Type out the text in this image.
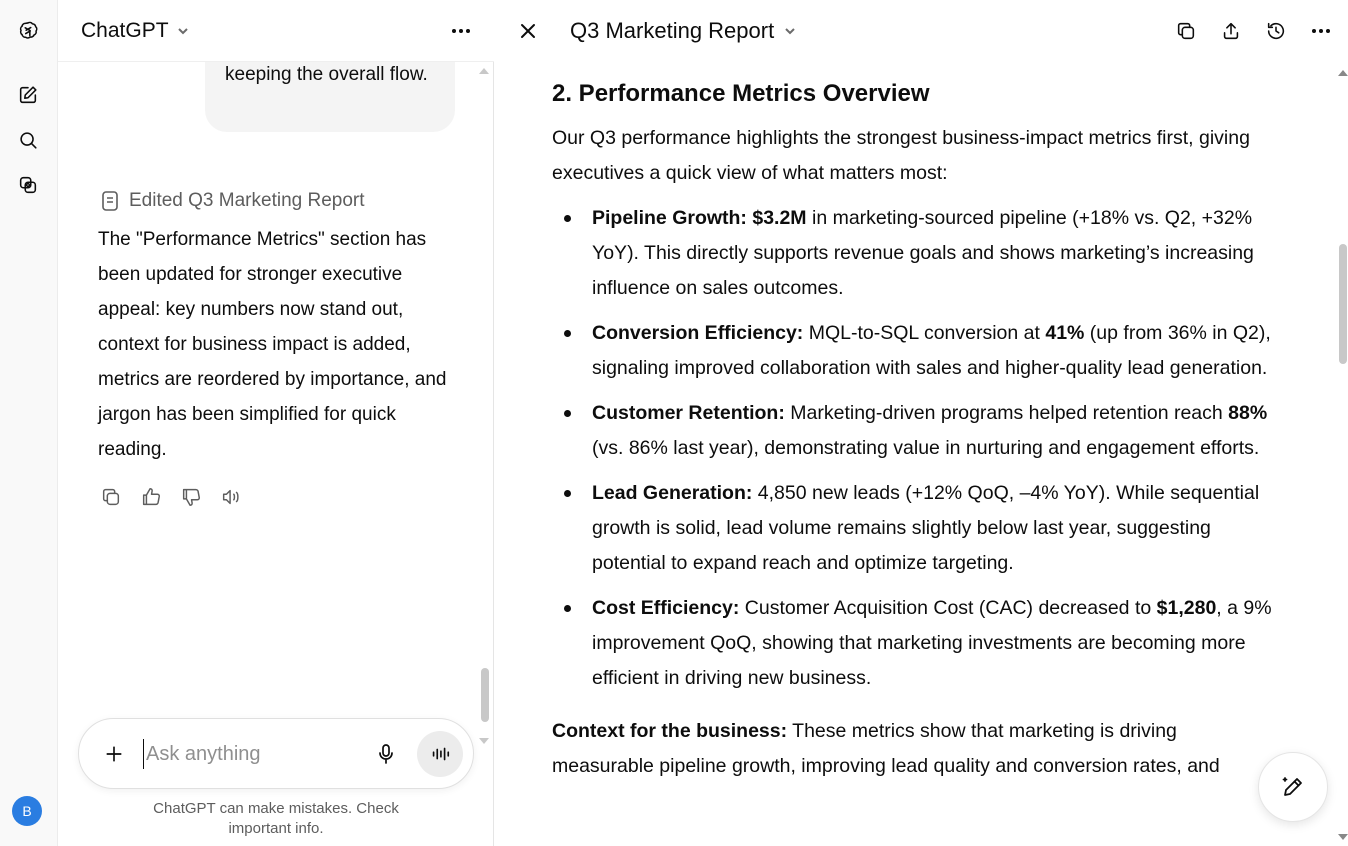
B
ChatGPT
keeping the overall flow.
Edited Q3 Marketing Report
The "Performance Metrics" section has been updated for stronger executive appeal: key numbers now stand out, context for business impact is added, metrics are reordered by importance, and jargon has been simplified for quick reading.
Ask anything
ChatGPT can make mistakes. Check important info.
Q3 Marketing Report
2. Performance Metrics Overview

Our Q3 performance highlights the strongest business-impact metrics first, giving executives a quick view of what matters most:

Pipeline Growth: $3.2M in marketing-sourced pipeline (+18% vs. Q2, +32% YoY). This directly supports revenue goals and shows marketing’s increasing influence on sales outcomes.
Conversion Efficiency: MQL-to-SQL conversion at 41% (up from 36% in Q2), signaling improved collaboration with sales and higher-quality lead generation.
Customer Retention: Marketing-driven programs helped retention reach 88% (vs. 86% last year), demonstrating value in nurturing and engagement efforts.
Lead Generation: 4,850 new leads (+12% QoQ, –4% YoY). While sequential growth is solid, lead volume remains slightly below last year, suggesting potential to expand reach and optimize targeting.
Cost Efficiency: Customer Acquisition Cost (CAC) decreased to $1,280, a 9% improvement QoQ, showing that marketing investments are becoming more efficient in driving new business.

Context for the business: These metrics show that marketing is driving measurable pipeline growth, improving lead quality and conversion rates, and
